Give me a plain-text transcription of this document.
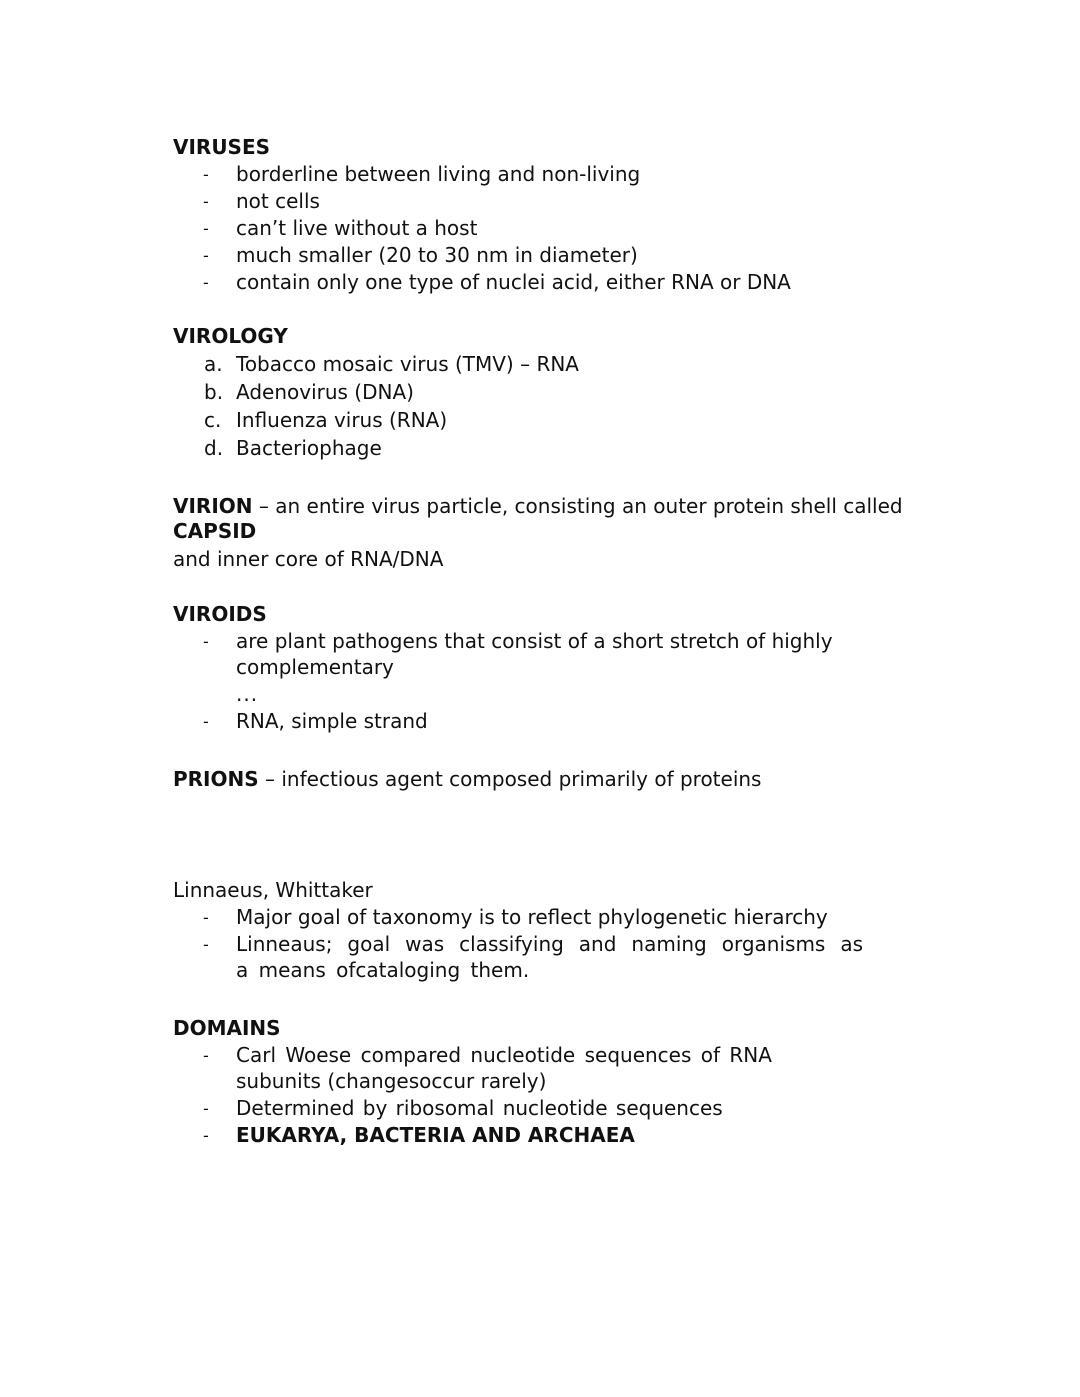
VIRUSES
- borderline between living and non-living
- not cells
- can’t live without a host
- much smaller (20 to 30 nm in diameter)
- contain only one type of nuclei acid, either RNA or DNA
VIROLOGY
a. Tobacco mosaic virus (TMV) – RNA
b. Adenovirus (DNA)
c. Influenza virus (RNA)
d. Bacteriophage
VIRION – an entire virus particle, consisting an outer protein shell called
CAPSID
and inner core of RNA/DNA
VIROIDS
- are plant pathogens that consist of a short stretch of highly
complementary
...
- RNA, simple strand
PRIONS – infectious agent composed primarily of proteins
Linnaeus, Whittaker
- Major goal of taxonomy is to reflect phylogenetic hierarchy
- Linneaus; goal was classifying and naming organisms as
a means ofcataloging them.
DOMAINS
- Carl Woese compared nucleotide sequences of RNA
subunits (changesoccur rarely)
- Determined by ribosomal nucleotide sequences
- EUKARYA, BACTERIA AND ARCHAEA
